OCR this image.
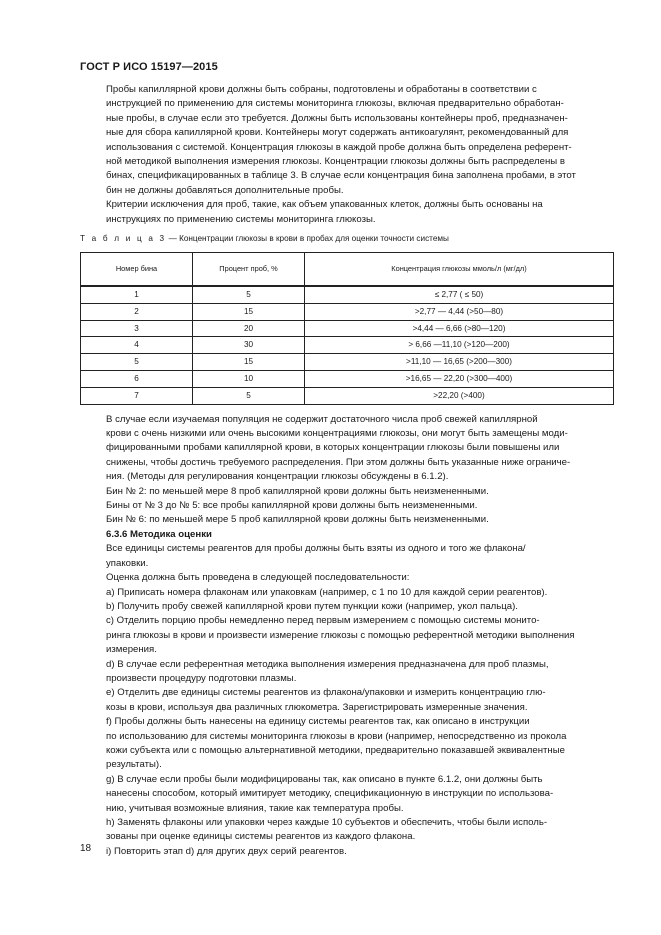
ГОСТ Р ИСО 15197—2015

Пробы капиллярной крови должны быть собраны, подготовлены и обработаны в соответствии с
инструкцией по применению для системы мониторинга глюкозы, включая предварительно обработан-
ные пробы, в случае если это требуется. Должны быть использованы контейнеры проб, предназначен-
ные для сбора капиллярной крови. Контейнеры могут содержать антикоагулянт, рекомендованный для
использования с системой. Концентрация глюкозы в каждой пробе должна быть определена референт-
ной методикой выполнения измерения глюкозы. Концентрации глюкозы должны быть распределены в
бинах, спецификацированных в таблице 3. В случае если концентрация бина заполнена пробами, в этот
бин не должны добавляться дополнительные пробы.

Критерии исключения для проб, такие, как объем упакованных клеток, должны быть основаны на
инструкциях по применению системы мониторинга глюкозы.

Т а б л и ц а 3 — Концентрации глюкозы в крови в пробах для оценки точности системы
Номер бина	Процент проб, %	Концентрация глюкозы ммоль/л (мг/дл)
1	5	≤ 2,77 ( ≤ 50)
2	15	>2,77 — 4,44 (>50—80)
3	20	>4,44 — 6,66 (>80—120)
4	30	> 6,66 —11,10 (>120—200)
5	15	>11,10 — 16,65 (>200—300)
6	10	>16,65 — 22,20 (>300—400)
7	5	>22,20 (>400)

В случае если изучаемая популяция не содержит достаточного числа проб свежей капиллярной
крови с очень низкими или очень высокими концентрациями глюкозы, они могут быть замещены моди-
фицированными пробами капиллярной крови, в которых концентрации глюкозы были повышены или
снижены, чтобы достичь требуемого распределения. При этом должны быть указанные ниже ограниче-
ния. (Методы для регулирования концентрации глюкозы обсуждены в 6.1.2).

Бин № 2: по меньшей мере 8 проб капиллярной крови должны быть неизмененными.

Бины от № 3 до № 5: все пробы капиллярной крови должны быть неизмененными.

Бин № 6: по меньшей мере 5 проб капиллярной крови должны быть неизмененными.

6.3.6 Методика оценки

Все единицы системы реагентов для пробы должны быть взяты из одного и того же флакона/
упаковки.

Оценка должна быть проведена в следующей последовательности:

a) Приписать номера флаконам или упаковкам (например, с 1 по 10 для каждой серии реагентов).

b) Получить пробу свежей капиллярной крови путем пункции кожи (например, укол пальца).

c) Отделить порцию пробы немедленно перед первым измерением с помощью системы монито-
ринга глюкозы в крови и произвести измерение глюкозы с помощью референтной методики выполнения
измерения.

d) В случае если референтная методика выполнения измерения предназначена для проб плазмы,
произвести процедуру подготовки плазмы.

e) Отделить две единицы системы реагентов из флакона/упаковки и измерить концентрацию глю-
козы в крови, используя два различных глюкометра. Зарегистрировать измеренные значения.

f) Пробы должны быть нанесены на единицу системы реагентов так, как описано в инструкции
по использованию для системы мониторинга глюкозы в крови (например, непосредственно из прокола
кожи субъекта или с помощью альтернативной методики, предварительно показавшей эквивалентные
результаты).

g) В случае если пробы были модифицированы так, как описано в пункте 6.1.2, они должны быть
нанесены способом, который имитирует методику, спецификационную в инструкции по использова-
нию, учитывая возможные влияния, такие как температура пробы.

h) Заменять флаконы или упаковки через каждые 10 субъектов и обеспечить, чтобы были исполь-
зованы при оценке единицы системы реагентов из каждого флакона.

i) Повторить этап d) для других двух серий реагентов.

18
